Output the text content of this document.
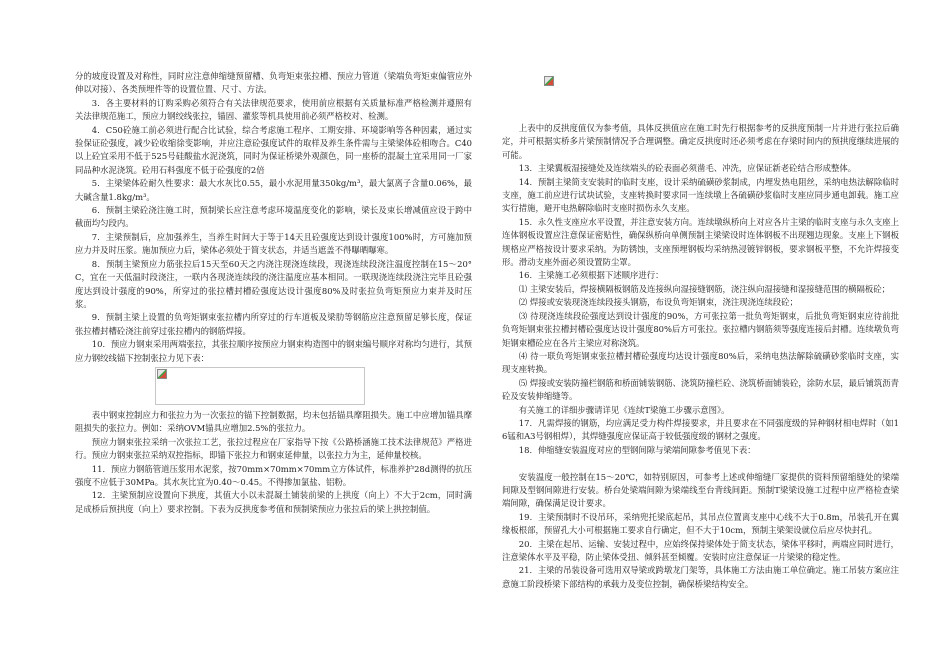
分的坡度设置及对称性，同时应注意伸缩缝预留槽、负弯矩束张拉槽、预应力管道（梁端负弯矩束偏管应外伸以对接）、各类预埋件等的设置位置、尺寸、方法。

3．各主要材料的订购采购必须符合有关法律规范要求，使用前应根据有关质量标准严格检测并遵照有关法律规范施工，预应力钢绞线张拉，锚固、灌浆等机具使用前必须严格校对、检测。

4．C50砼施工前必须进行配合比试验，综合考虑施工程序、工期安排、环境影响等各种因素，通过实验保证砼强度，减少砼收缩徐变影响，并应注意砼强度试件的取样及养生条件需与主梁梁体砼相吻合。C40以上砼宜采用不低于525号硅酸盐水泥浇筑，同时为保证桥梁外观颜色，同一座桥的混凝土宜采用同一厂家同品种水泥浇筑。砼用石料强度不低于砼强度的2倍

5．主梁梁体砼耐久性要求：最大水灰比0.55，最小水泥用量350kg/m³，最大氯离子含量0.06%，最大碱含量1.8kg/m³。

6．预制主梁砼浇注施工时，预制梁长应注意考虑环境温度变化的影响，梁长及束长增减值应设于跨中截面均匀段内。

7．主梁预制后，应加强养生，当养生时间大于等于14天且砼强度达到设计强度100%时，方可施加预应力并及时压浆。施加预应力后，梁体必须处于简支状态，并适当遮盖不得曝晒曝寒。

8．预制主梁预应力筋张拉后15天至60天之内浇注现浇连续段，现浇连续段浇注温度控制在15～20°C，宜在一天低温时段浇注，一联内各现浇连续段的浇注温度应基本相同。一联现浇连续段浇注完毕且砼强度达到设计强度的90%，所穿过的张拉槽封槽砼强度达设计强度80%及时张拉负弯矩预应力束并及时压浆。

9．预制主梁上设置的负弯矩钢束张拉槽内所穿过的行车道板及梁肋等钢筋应注意预留足够长度，保证张拉槽封槽砼浇注前穿过张拉槽内的钢筋焊接。

10．预应力钢束采用两端张拉，其张拉顺序按预应力钢束构造图中的钢束编号顺序对称均匀进行，其预应力钢绞线锚下控制张拉力见下表：

表中钢束控制应力和张拉力为一次张拉的锚下控制数据，均未包括锚具摩阻损失。施工中应增加锚具摩阻损失的张拉力。例如：采纳OVM锚具应增加2.5%的张拉力。

预应力钢束张拉采纳一次张拉工艺，张拉过程应在厂家指导下按《公路桥涵施工技术法律规范》严格进行。预应力钢束张拉采纳双控指标，即锚下张拉力和钢束延伸量，以张拉力为主，延伸量校核。

11．预应力钢筋管道压浆用水泥浆，按70mm×70mm×70mm立方体试件，标准养护28d测得的抗压强度不应低于30MPa。其水灰比宜为0.40～0.45。不得掺加氯盐、铝粉。

12．主梁预制应设置向下拱度，其值大小以未混凝土铺装前梁的上拱度（向上）不大于2cm，同时满足成桥后预拱度（向上）要求控制。下表为反拱度参考值和预制梁预应力张拉后的梁上拱控制值。

上表中的反拱度值仅为参考值，具体反拱值应在施工时先行根据参考的反拱度预制一片并进行张拉后确定，并可根据实桥多片梁预制情况予合理调整。确定反拱度时还必须考虑在存梁时间内的预拱度继续进展的可能。

13．主梁翼板湿接缝处及连续端头的砼表面必须凿毛、冲洗，应保证新老砼结合形成整体。

14．预制主梁简支安装时的临时支座，设计采纳硫磺砂浆制成，内埋发热电阻丝，采纳电热法解除临时支座，施工前应进行试块试验，支座转换时要求同一连续墩上各硫磺砂浆临时支座应同步通电卸载。施工应实行措施，避开电热解除临时支座时损伤永久支座。

15．永久性支座应水平设置，并注意安装方向。连续墩纵桥向上对应各片主梁的临时支座与永久支座上连体钢板设置应注意保证密贴性，确保纵桥向单侧预制主梁梁设时连体钢板不出现翘边现象。支座上下钢板规格应严格按设计要求采纳。为防锈蚀，支座预埋钢板均采纳热浸镀锌钢板，要求钢板平整，不允许焊接变形。滑动支座外面必须设置防尘罩。

16．主梁施工必须根据下述顺序进行：

⑴ 主梁安装后，焊接横隔板钢筋及连接纵向湿接缝钢筋，浇注纵向湿接缝和湿接缝范围的横隔板砼；

⑵ 焊接或安装现浇连续段接头钢筋，布设负弯矩钢束，浇注现浇连续段砼；

⑶ 待现浇连续段砼强度达到设计强度的90%，方可张拉第一批负弯矩钢束，后批负弯矩钢束应待前批负弯矩钢束张拉槽封槽砼强度达设计强度80%后方可张拉。张拉槽内钢筋须等强度连接后封槽。连续墩负弯矩钢束槽砼应在各片主梁应对称浇筑。

⑷ 待一联负弯矩钢束张拉槽封槽砼强度均达设计强度80%后，采纳电热法解除硫磺砂浆临时支座，实现支座转换。

⑸ 焊接或安装防撞栏钢筋和桥面铺装钢筋、浇筑防撞栏砼、浇筑桥面铺装砼，涂防水层，最后铺筑沥青砼及安装伸缩缝等。

有关施工的详细步骤请详见《连续T梁施工步骤示意图》。

17．凡需焊接的钢筋，均应满足受力构件焊接要求，并且要求在不同强度级的异种钢材相电焊时（如16锰和A3号钢相焊），其焊缝强度应保证高于较低强度级的钢材之强度。

18．伸缩缝安装温度对应的型钢间隙与梁端间隙参考值见下表：

安装温度一般控制在15～20℃，如特别原因，可参考上述或伸缩缝厂家提供的资料预留缩缝处的梁端间隙及型钢间隙进行安装。桥台处梁端间隙为梁端线至台背线间距。预制T梁梁设施工过程中应严格检查梁端间隙，确保满足设计要求。

19．主梁预制时不设吊环，采纳兜托梁底起吊，其吊点位置离支座中心线不大于0.8m，吊装孔开在翼缘板根部，预留孔大小可根据施工要求自行确定，但不大于10cm，预制主梁架设就位后应尽快封孔。

20．主梁在起吊、运输、安装过程中，应始终保持梁体处于简支状态，梁体平移时，两端应同时进行，注意梁体水平及平稳，防止梁体受扭、倾斜甚至倾覆。安装时应注意保证一片梁梁的稳定性。

21．主梁的吊装设备可选用双导梁或跨墩龙门架等，具体施工方法由施工单位确定。施工吊装方案应注意施工阶段桥梁下部结构的承载力及变位控制，确保桥梁结构安全。
